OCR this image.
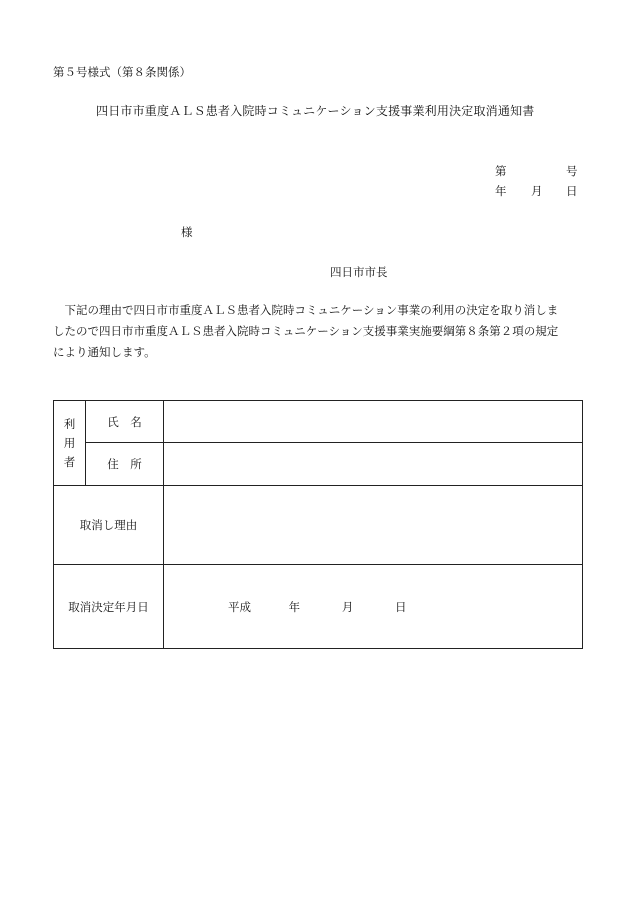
第５号様式（第８条関係）
四日市市重度ＡＬＳ患者入院時コミュニケーション支援事業利用決定取消通知書
第	号
年 月 日
様
四日市市長
　下記の理由で四日市市重度ＡＬＳ患者入院時コミュニケーション事業の利用の決定を取り消しま
したので四日市市重度ＡＬＳ患者入院時コミュニケーション支援事業実施要綱第８条第２項の規定
により通知します。
利
用
者	氏　名	
	住　所	
取消し理由		
取消決定年月日		平成 年 月 日
